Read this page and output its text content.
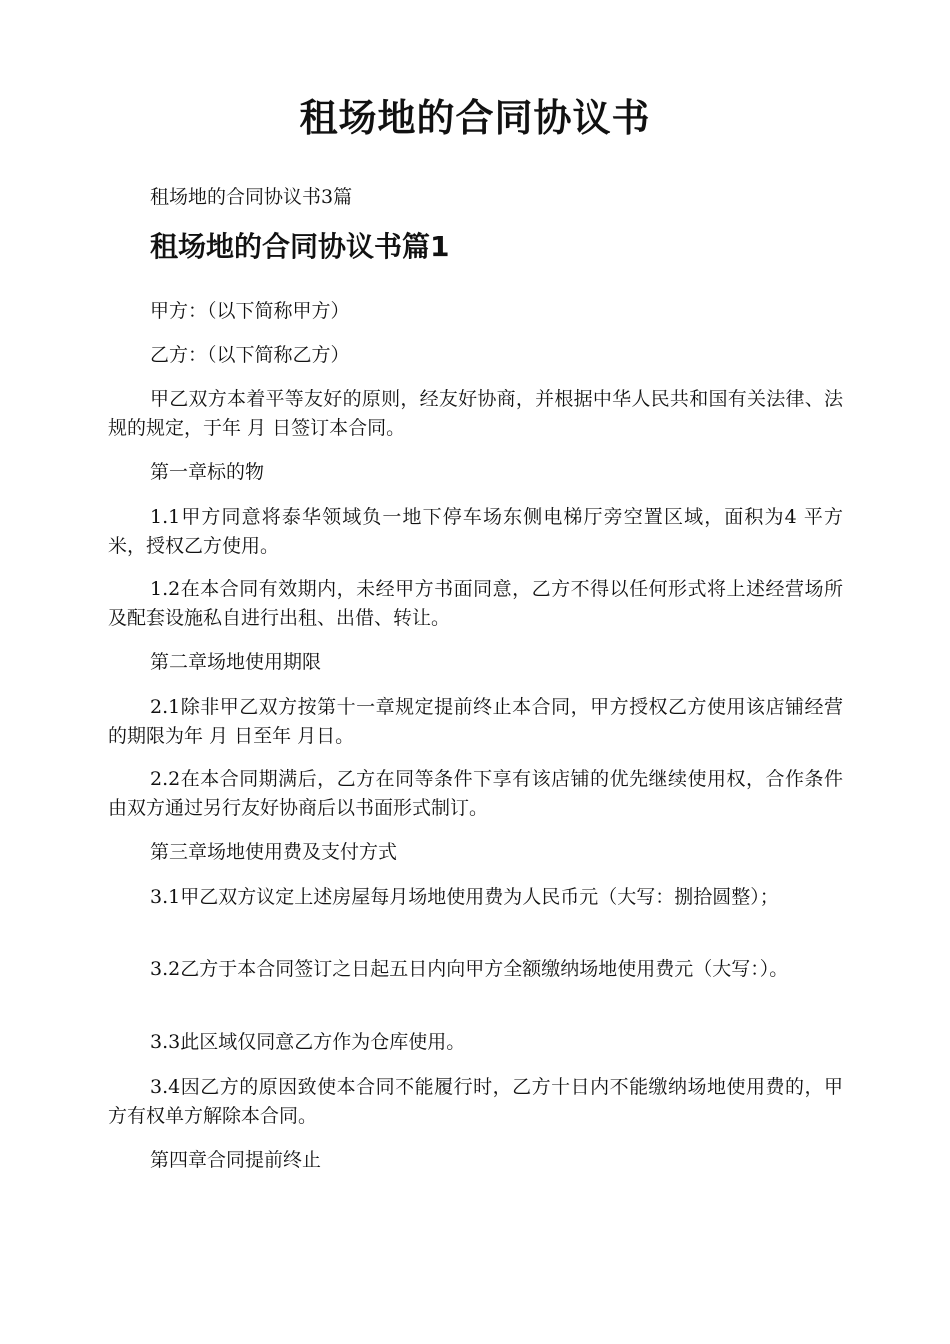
租场地的合同协议书

租场地的合同协议书3篇

租场地的合同协议书篇1

甲方：（以下简称甲方）

乙方：（以下简称乙方）

甲乙双方本着平等友好的原则，经友好协商，并根据中华人民共和国有关法律、法规的规定，于年 月 日签订本合同。

第一章标的物

1.1甲方同意将泰华领域负一地下停车场东侧电梯厅旁空置区域，面积为4 平方米，授权乙方使用。

1.2在本合同有效期内，未经甲方书面同意，乙方不得以任何形式将上述经营场所及配套设施私自进行出租、出借、转让。

第二章场地使用期限

2.1除非甲乙双方按第十一章规定提前终止本合同，甲方授权乙方使用该店铺经营的期限为年 月 日至年 月日。

2.2在本合同期满后，乙方在同等条件下享有该店铺的优先继续使用权，合作条件由双方通过另行友好协商后以书面形式制订。

第三章场地使用费及支付方式

3.1甲乙双方议定上述房屋每月场地使用费为人民币元（大写：捌拾圆整）；

3.2乙方于本合同签订之日起五日内向甲方全额缴纳场地使用费元（大写：）。

3.3此区域仅同意乙方作为仓库使用。

3.4因乙方的原因致使本合同不能履行时，乙方十日内不能缴纳场地使用费的，甲方有权单方解除本合同。

第四章合同提前终止
